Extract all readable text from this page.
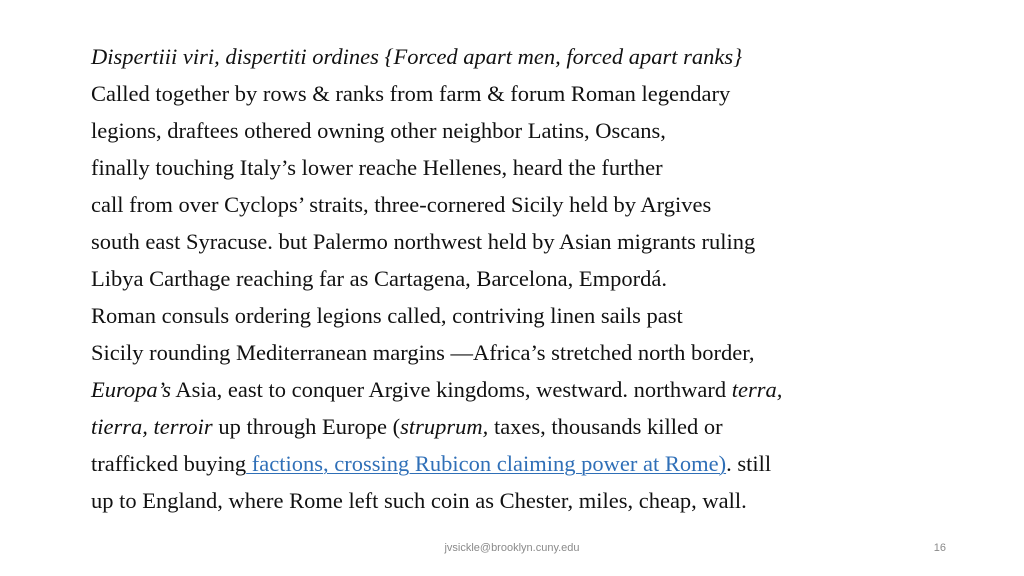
Dispertiii viri, dispertiti ordines {Forced apart men, forced apart ranks}
Called together by rows & ranks from farm & forum Roman legendary
legions, draftees othered owning other neighbor Latins, Oscans,
finally touching Italy’s lower reache Hellenes, heard the further
call from over Cyclops’ straits, three-cornered Sicily held by Argives
south east Syracuse. but Palermo northwest held by Asian migrants ruling
Libya Carthage reaching far as Cartagena, Barcelona, Empordá.
Roman consuls ordering legions called, contriving linen sails past
Sicily rounding Mediterranean margins —Africa’s stretched north border,
Europa’s Asia, east to conquer Argive kingdoms, westward. northward terra,
tierra, terroir up through Europe (struprum, taxes, thousands killed or
trafficked buying factions, crossing Rubicon claiming power at Rome). still
up to England, where Rome left such coin as Chester, miles, cheap, wall.
jvsickle@brooklyn.cuny.edu	16
